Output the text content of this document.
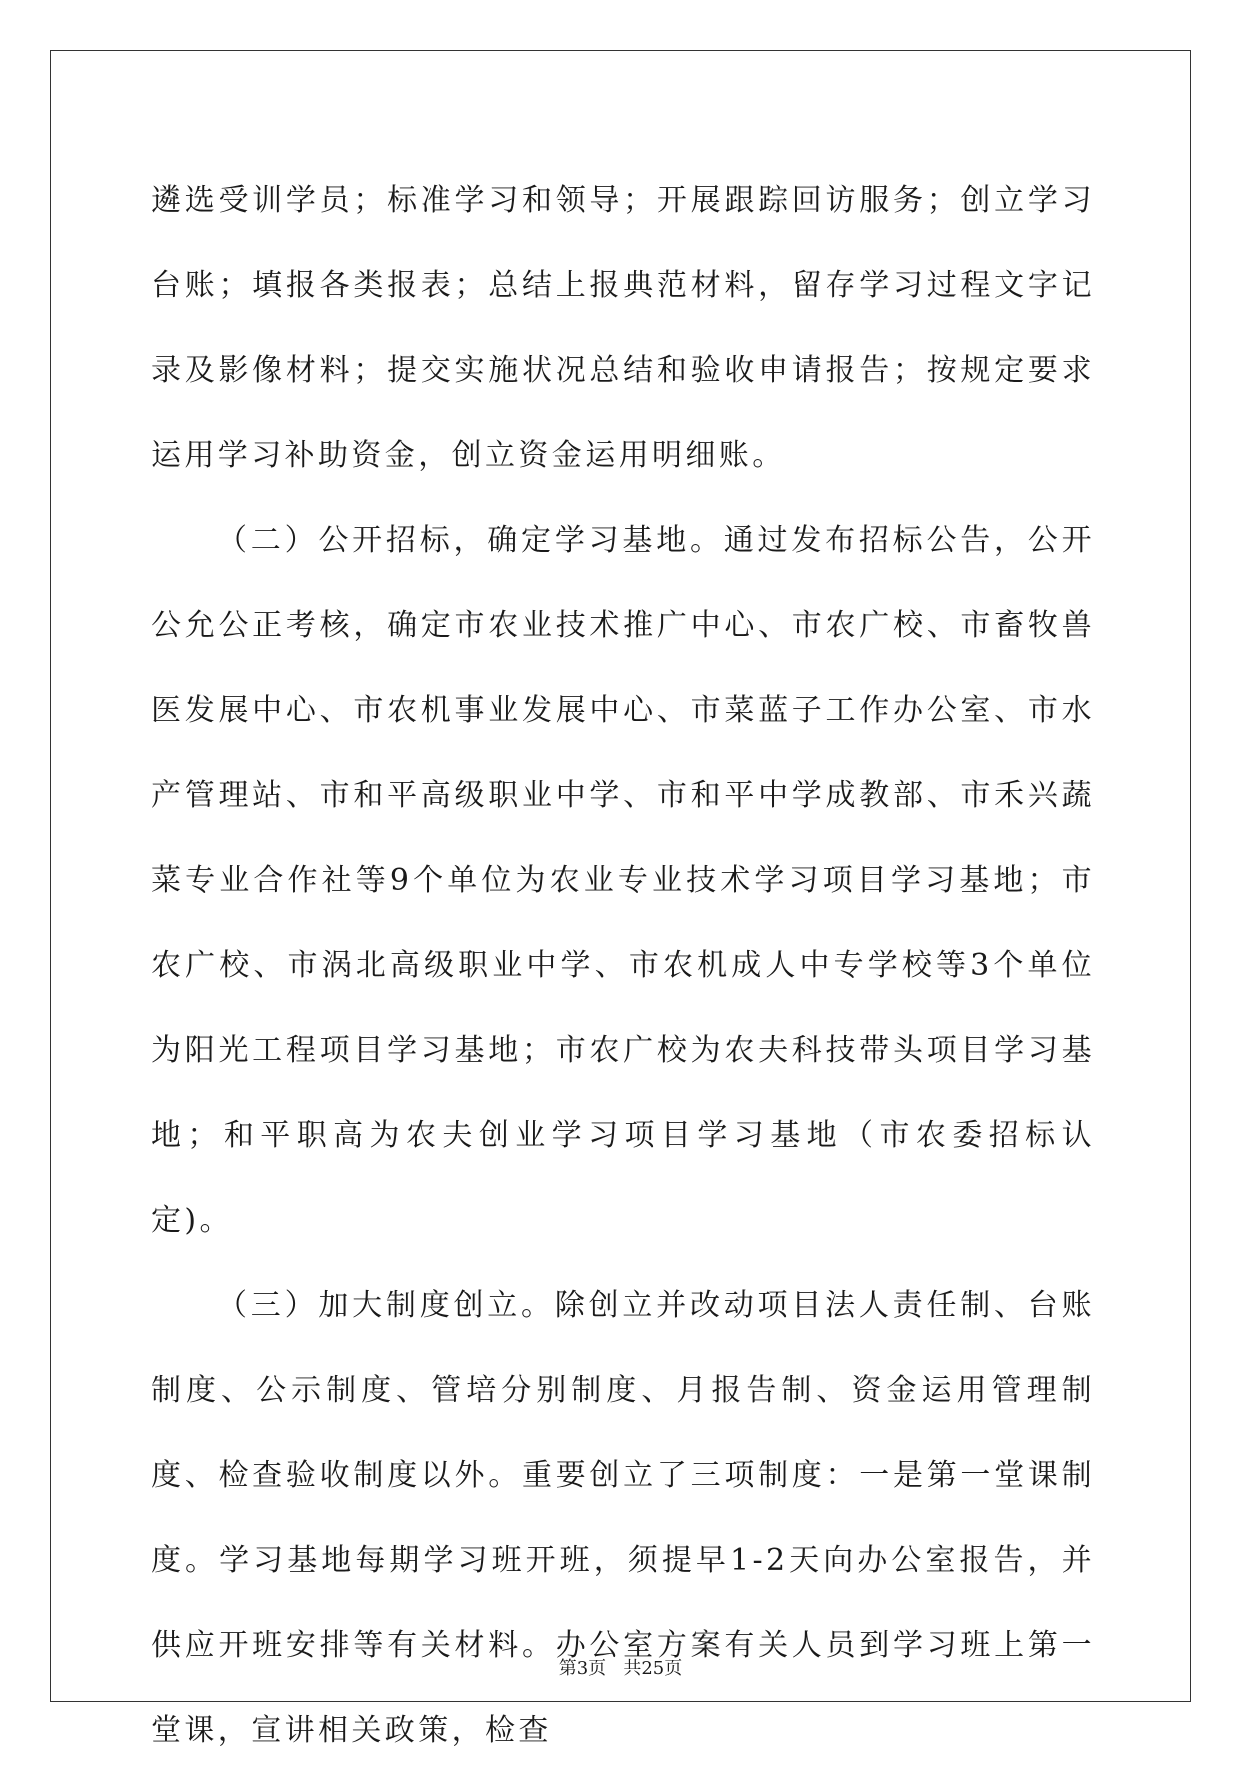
遴选受训学员；标准学习和领导；开展跟踪回访服务；创立学习台账；填报各类报表；总结上报典范材料，留存学习过程文字记录及影像材料；提交实施状况总结和验收申请报告；按规定要求运用学习补助资金，创立资金运用明细账。

（二）公开招标，确定学习基地。通过发布招标公告，公开公允公正考核，确定市农业技术推广中心、市农广校、市畜牧兽医发展中心、市农机事业发展中心、市菜蓝子工作办公室、市水产管理站、市和平高级职业中学、市和平中学成教部、市禾兴蔬菜专业合作社等9个单位为农业专业技术学习项目学习基地；市农广校、市涡北高级职业中学、市农机成人中专学校等3个单位为阳光工程项目学习基地；市农广校为农夫科技带头项目学习基地；和平职高为农夫创业学习项目学习基地（市农委招标认定)。

（三）加大制度创立。除创立并改动项目法人责任制、台账制度、公示制度、管培分别制度、月报告制、资金运用管理制度、检查验收制度以外。重要创立了三项制度：一是第一堂课制度。学习基地每期学习班开班，须提早1-2天向办公室报告，并供应开班安排等有关材料。办公室方案有关人员到学习班上第一堂课，宣讲相关政策，检查

第3页   共25页
